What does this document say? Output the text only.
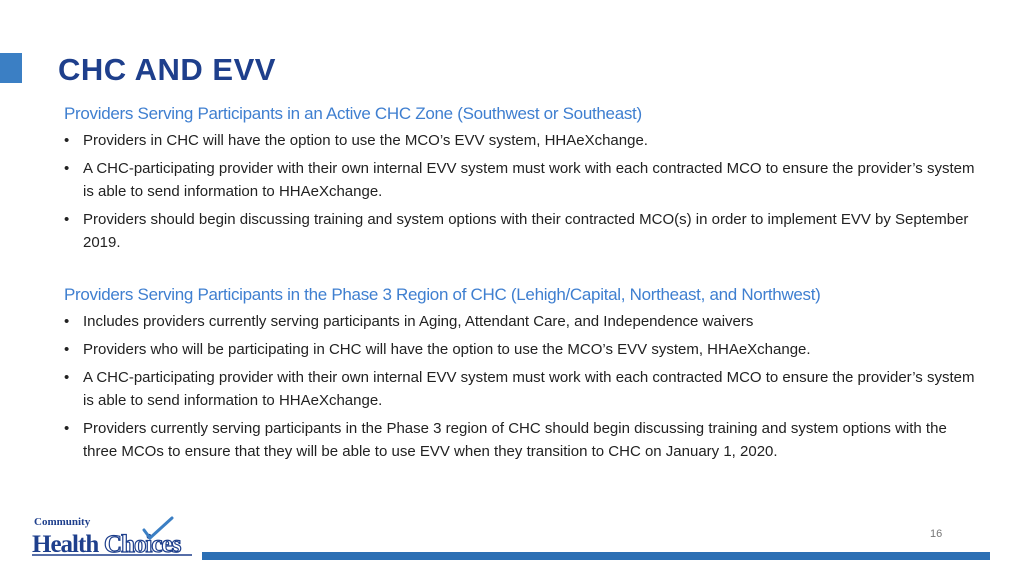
CHC AND EVV
Providers Serving Participants in an Active CHC Zone (Southwest or Southeast)
• Providers in CHC will have the option to use the MCO’s EVV system, HHAeXchange.
• A CHC-participating provider with their own internal EVV system must work with each contracted MCO to ensure the provider’s system is able to send information to HHAeXchange.
• Providers should begin discussing training and system options with their contracted MCO(s) in order to implement EVV by September 2019.
Providers Serving Participants in the Phase 3 Region of CHC (Lehigh/Capital, Northeast, and Northwest)
• Includes providers currently serving participants in Aging, Attendant Care, and Independence waivers
• Providers who will be participating in CHC will have the option to use the MCO’s EVV system, HHAeXchange.
• A CHC-participating provider with their own internal EVV system must work with each contracted MCO to ensure the provider’s system is able to send information to HHAeXchange.
• Providers currently serving participants in the Phase 3 region of CHC should begin discussing training and system options with the three MCOs to ensure that they will be able to use EVV when they transition to CHC on January 1, 2020.
Community
Health Choices	16
